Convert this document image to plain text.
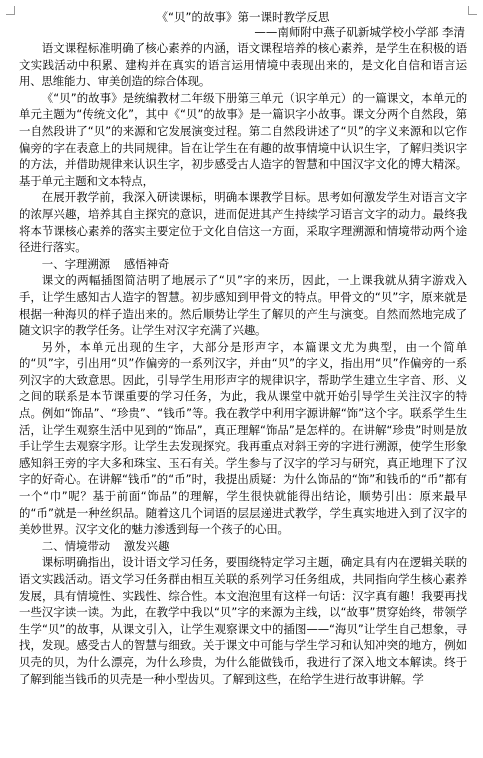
《“贝”的故事》第一课时教学反思
——南师附中燕子矶新城学校小学部 李清

语文课程标准明确了核心素养的内涵，语文课程培养的核心素养，是学生在积极的语文实践活动中积累、建构并在真实的语言运用情境中表现出来的，是文化自信和语言运用、思维能力、审美创造的综合体现。

《“贝”的故事》是统编教材二年级下册第三单元（识字单元）的一篇课文，本单元的单元主题为“传统文化”，其中《“贝”的故事》是一篇识字小故事。课文分两个自然段，第一自然段讲了“贝”的来源和它发展演变过程。第二自然段讲述了“贝”的字义来源和以它作偏旁的字在表意上的共同规律。旨在让学生在有趣的故事情境中认识生字，了解归类识字的方法，并借助规律来认识生字，初步感受古人造字的智慧和中国汉字文化的博大精深。基于单元主题和文本特点，

在展开教学前，我深入研读课标，明确本课教学目标。思考如何激发学生对语言文字的浓厚兴趣，培养其自主探究的意识，进而促进其产生持续学习语言文字的动力。最终我将本节课核心素养的落实主要定位于文化自信这一方面，采取字理溯源和情境带动两个途径进行落实。

一、字理溯源 感悟神奇

课文的两幅插图简洁明了地展示了“贝”字的来历，因此，一上课我就从猜字游戏入手，让学生感知古人造字的智慧。初步感知到甲骨文的特点。甲骨文的“贝”字，原来就是根据一种海贝的样子造出来的。然后顺势让学生了解贝的产生与演变。自然而然地完成了随文识字的教学任务。让学生对汉字充满了兴趣。

另外，本单元出现的生字，大部分是形声字，本篇课文尤为典型，由一个简单的“贝”字，引出用“贝”作偏旁的一系列汉字，并由“贝”的字义，指出用“贝”作偏旁的一系列汉字的大致意思。因此，引导学生用形声字的规律识字，帮助学生建立生字音、形、义之间的联系是本节课重要的学习任务，为此，我从课堂中就开始引导学生关注汉字的特点。例如“饰品”、“珍贵”、“钱币”等。我在教学中利用字源讲解“饰”这个字。联系学生生活，让学生观察生活中见到的“饰品”，真正理解“饰品”是怎样的。在讲解“珍贵”时则是放手让学生去观察字形。让学生去发现探究。我再重点对斜王旁的字进行溯源，使学生形象感知斜王旁的字大多和珠宝、玉石有关。学生参与了汉字的学习与研究，真正地理下了汉字的好奇心。在讲解“钱币”的“币”时，我提出质疑：为什么饰品的“饰”和钱币的“币”都有一个“巾”呢？基于前面“饰品”的理解，学生很快就能得出结论，顺势引出：原来最早的“币”就是一种丝织品。随着这几个词语的层层递进式教学，学生真实地进入到了汉字的美妙世界。汉字文化的魅力渗透到每一个孩子的心田。

二、情境带动 激发兴趣

课标明确指出，设计语文学习任务，要围绕特定学习主题，确定具有内在逻辑关联的语文实践活动。语文学习任务群由相互关联的系列学习任务组成，共同指向学生核心素养发展，具有情境性、实践性、综合性。本文泡泡里有这样一句话：汉字真有趣！我要再找一些汉字读一读。为此，在教学中我以“贝”字的来源为主线，以“故事”贯穿始终，带领学生学“贝”的故事，从课文引入，让学生观察课文中的插图——“海贝”让学生自己想象，寻找，发现。感受古人的智慧与细致。关于课文中可能与学生学习和认知冲突的地方，例如贝壳的贝，为什么漂亮，为什么珍贵，为什么能做钱币，我进行了深入地文本解读。终于了解到能当钱币的贝壳是一种小型齿贝。了解到这些，在给学生进行故事讲解。学
